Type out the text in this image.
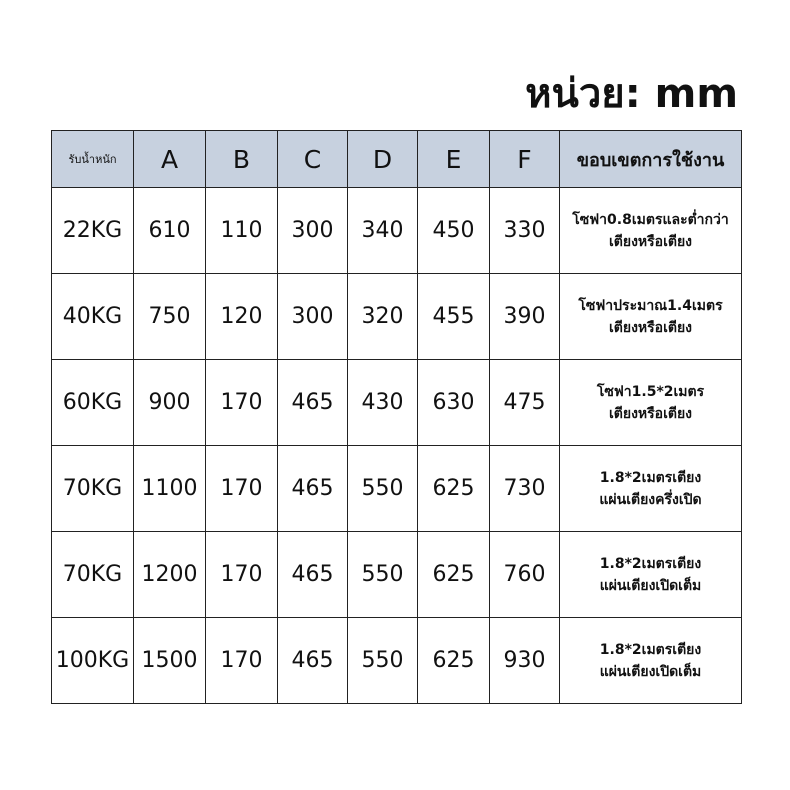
หน่วย: mm
รับน้ำหนัก	A	B	C	D	E	F	ขอบเขตการใช้งาน
22KG	610	110	300	340	450	330	โซฟา0.8เมตรและต่ำกว่า
เตียงหรือเตียง

40KG	750	120	300	320	455	390	โซฟาประมาณ1.4เมตร
เตียงหรือเตียง

60KG	900	170	465	430	630	475	โซฟา1.5*2เมตร
เตียงหรือเตียง

70KG	1100	170	465	550	625	730	1.8*2เมตรเตียง
แผ่นเตียงครึ่งเปิด

70KG	1200	170	465	550	625	760	1.8*2เมตรเตียง
แผ่นเตียงเปิดเต็ม

100KG	1500	170	465	550	625	930	1.8*2เมตรเตียง
แผ่นเตียงเปิดเต็ม
